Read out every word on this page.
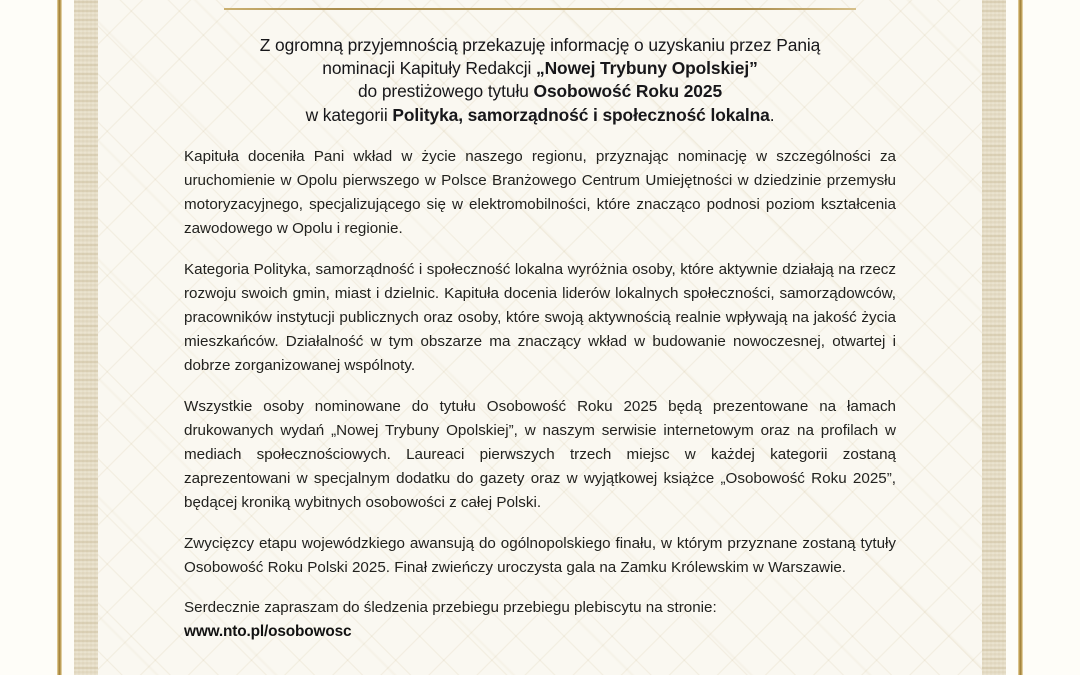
Z ogromną przyjemnością przekazuję informację o uzyskaniu przez Panią
nominacji Kapituły Redakcji „Nowej Trybuny Opolskiej”
do prestiżowego tytułu Osobowość Roku 2025
w kategorii Polityka, samorządność i społeczność lokalna.

Kapituła doceniła Pani wkład w życie naszego regionu, przyznając nominację w szczególności za uruchomienie w Opolu pierwszego w Polsce Branżowego Centrum Umiejętności w dziedzinie przemysłu motoryzacyjnego, specjalizującego się w elektromobilności, które znacząco podnosi poziom kształcenia zawodowego w Opolu i regionie.

Kategoria Polityka, samorządność i społeczność lokalna wyróżnia osoby, które aktywnie działają na rzecz rozwoju swoich gmin, miast i dzielnic. Kapituła docenia liderów lokalnych społeczności, samorządowców, pracowników instytucji publicznych oraz osoby, które swoją aktywnością realnie wpływają na jakość życia mieszkańców. Działalność w tym obszarze ma znaczący wkład w budowanie nowoczesnej, otwartej i dobrze zorganizowanej wspólnoty.

Wszystkie osoby nominowane do tytułu Osobowość Roku 2025 będą prezentowane na łamach drukowanych wydań „Nowej Trybuny Opolskiej”, w naszym serwisie internetowym oraz na profilach w mediach społecznościowych. Laureaci pierwszych trzech miejsc w każdej kategorii zostaną zaprezentowani w specjalnym dodatku do gazety oraz w wyjątkowej książce „Osobowość Roku 2025”, będącej kroniką wybitnych osobowości z całej Polski.

Zwycięzcy etapu wojewódzkiego awansują do ogólnopolskiego finału, w którym przyznane zostaną tytuły Osobowość Roku Polski 2025. Finał zwieńczy uroczysta gala na Zamku Królewskim w Warszawie.

Serdecznie zapraszam do śledzenia przebiegu przebiegu plebiscytu na stronie:

www.nto.pl/osobowosc
